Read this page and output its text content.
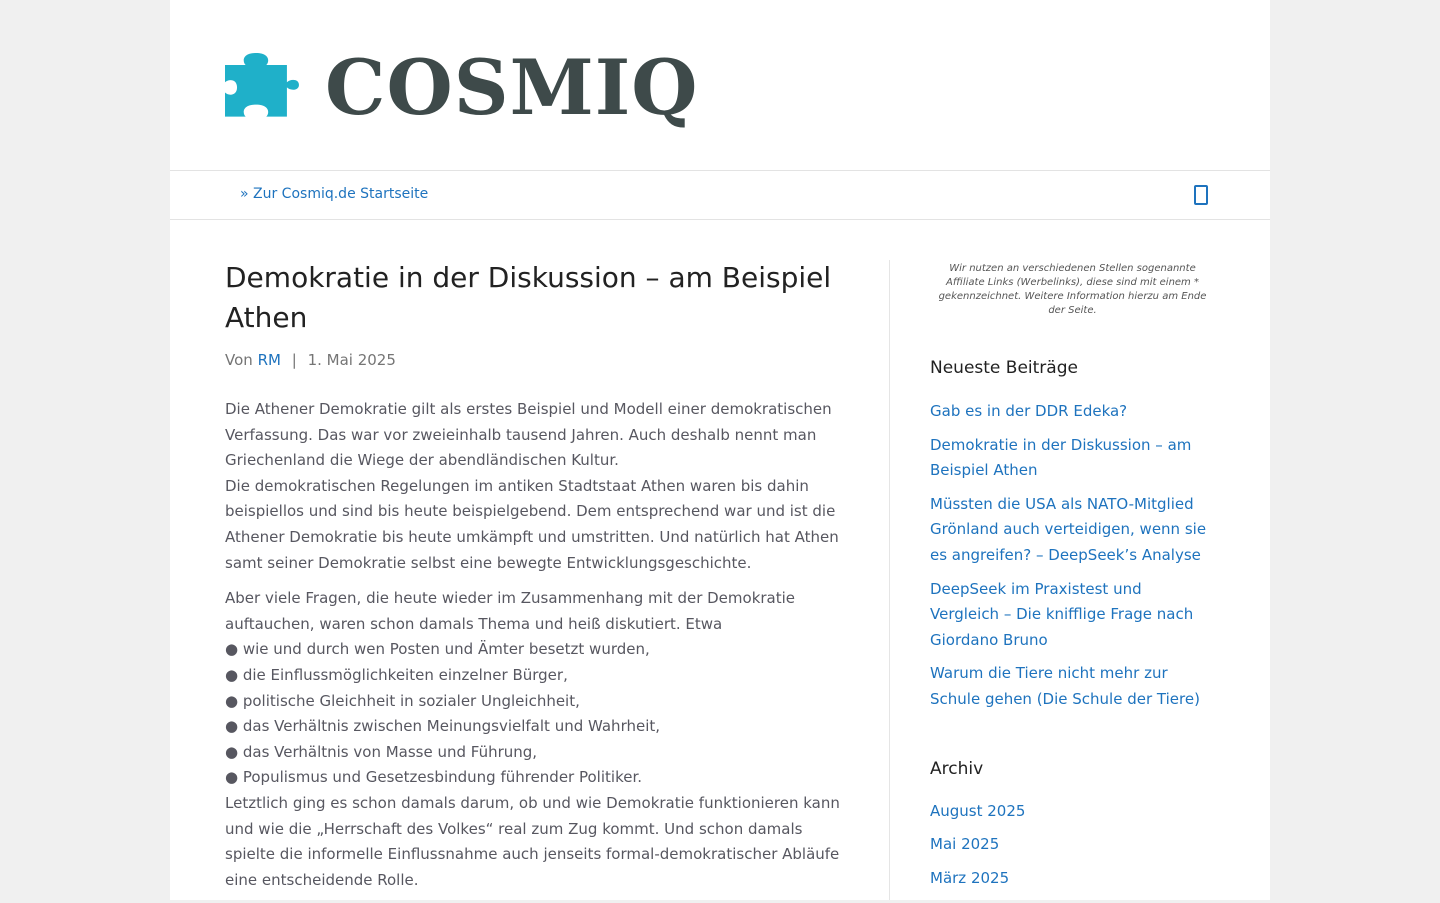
COSMIQ
» Zur Cosmiq.de Startseite
Demokratie in der Diskussion – am Beispiel Athen
Von RM | 1. Mai 2025

Die Athener Demokratie gilt als erstes Beispiel und Modell einer demokratischen Verfassung. Das war vor zweieinhalb tausend Jahren. Auch deshalb nennt man Griechenland die Wiege der abendländischen Kultur.
Die demokratischen Regelungen im antiken Stadtstaat Athen waren bis dahin beispiellos und sind bis heute beispielgebend. Dem entsprechend war und ist die Athener Demokratie bis heute umkämpft und umstritten. Und natürlich hat Athen samt seiner Demokratie selbst eine bewegte Entwicklungsgeschichte.

Aber viele Fragen, die heute wieder im Zusammenhang mit der Demokratie auftauchen, waren schon damals Thema und heiß diskutiert. Etwa
● wie und durch wen Posten und Ämter besetzt wurden,
● die Einflussmöglichkeiten einzelner Bürger,
● politische Gleichheit in sozialer Ungleichheit,
● das Verhältnis zwischen Meinungsvielfalt und Wahrheit,
● das Verhältnis von Masse und Führung,
● Populismus und Gesetzesbindung führender Politiker.
Letztlich ging es schon damals darum, ob und wie Demokratie funktionieren kann und wie die „Herrschaft des Volkes“ real zum Zug kommt. Und schon damals spielte die informelle Einflussnahme auch jenseits formal-demokratischer Abläufe eine entscheidende Rolle.

Wir nutzen an verschiedenen Stellen sogenannte Affiliate Links (Werbelinks), diese sind mit einem * gekennzeichnet. Weitere Information hierzu am Ende der Seite.

Neueste Beiträge
Gab es in der DDR Edeka?
Demokratie in der Diskussion – am Beispiel Athen
Müssten die USA als NATO-Mitglied Grönland auch verteidigen, wenn sie es angreifen? – DeepSeek’s Analyse
DeepSeek im Praxistest und Vergleich – Die knifflige Frage nach Giordano Bruno
Warum die Tiere nicht mehr zur Schule gehen (Die Schule der Tiere)
Archiv
August 2025
Mai 2025
März 2025
